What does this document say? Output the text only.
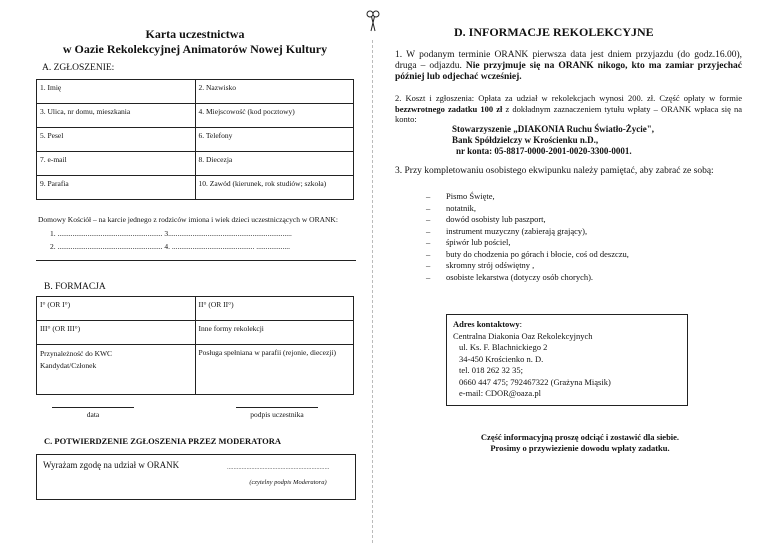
Karta uczestnictwa
w Oazie Rekolekcyjnej Animatorów Nowej Kultury
A. ZGŁOSZENIE:
1. Imię	2. Nazwisko
3. Ulica, nr domu, mieszkania	4. Miejscowość (kod pocztowy)
5. Pesel	6. Telefony
7. e-mail	8. Diecezja
9. Parafia	10. Zawód (kierunek, rok studiów; szkoła)
Domowy Kościół – na karcie jednego z rodziców imiona i wiek dzieci uczestniczących w ORANK:
1. ........................................................ 3..................................................................
2. ........................................................ 4. ............................................ ..................
B. FORMACJA
I° (OR I°)	II° (OR II°)
III° (OR III°)	Inne formy rekolekcji
Przynależność do KWC
Kandydat/Członek	Posługa spełniana w parafii (rejonie, diecezji)
data	podpis uczestnika
C. POTWIERDZENIE ZGŁOSZENIA PRZEZ MODERATORA
Wyrażam zgodę na udział w ORANK	...............................................................
(czytelny podpis Moderatora)
D. INFORMACJE REKOLEKCYJNE
1. W podanym terminie ORANK pierwsza data jest dniem przyjazdu (do godz.16.00), druga – odjazdu. Nie przyjmuje się na ORANK nikogo, kto ma zamiar przyjechać później lub odjechać wcześniej.
2. Koszt i zgłoszenia: Opłata za udział w rekolekcjach wynosi 200. zł. Część opłaty w formie bezzwrotnego zadatku 100 zł z dokładnym zaznaczeniem tytułu wpłaty – ORANK wpłaca się na konto:
Stowarzyszenie „DIAKONIA Ruchu Światło-Życie",
Bank Spółdzielczy w Krościenku n.D.,
nr konta: 05-8817-0000-2001-0020-3300-0001.
3. Przy kompletowaniu osobistego ekwipunku należy pamiętać, aby zabrać ze sobą:
– Pismo Święte,
– notatnik,
– dowód osobisty lub paszport,
– instrument muzyczny (zabierają grający),
– śpiwór lub pościel,
– buty do chodzenia po górach i błocie, coś od deszczu,
– skromny strój odświętny ,
– osobiste lekarstwa (dotyczy osób chorych).
Adres kontaktowy:
Centralna Diakonia Oaz Rekolekcyjnych
ul. Ks. F. Blachnickiego 2
34-450 Krościenko n. D.
tel. 018 262 32 35;
0660 447 475; 792467322 (Grażyna Miąsik)
e-mail: CDOR@oaza.pl
Część informacyjną proszę odciąć i zostawić dla siebie.
Prosimy o przywiezienie dowodu wpłaty zadatku.
